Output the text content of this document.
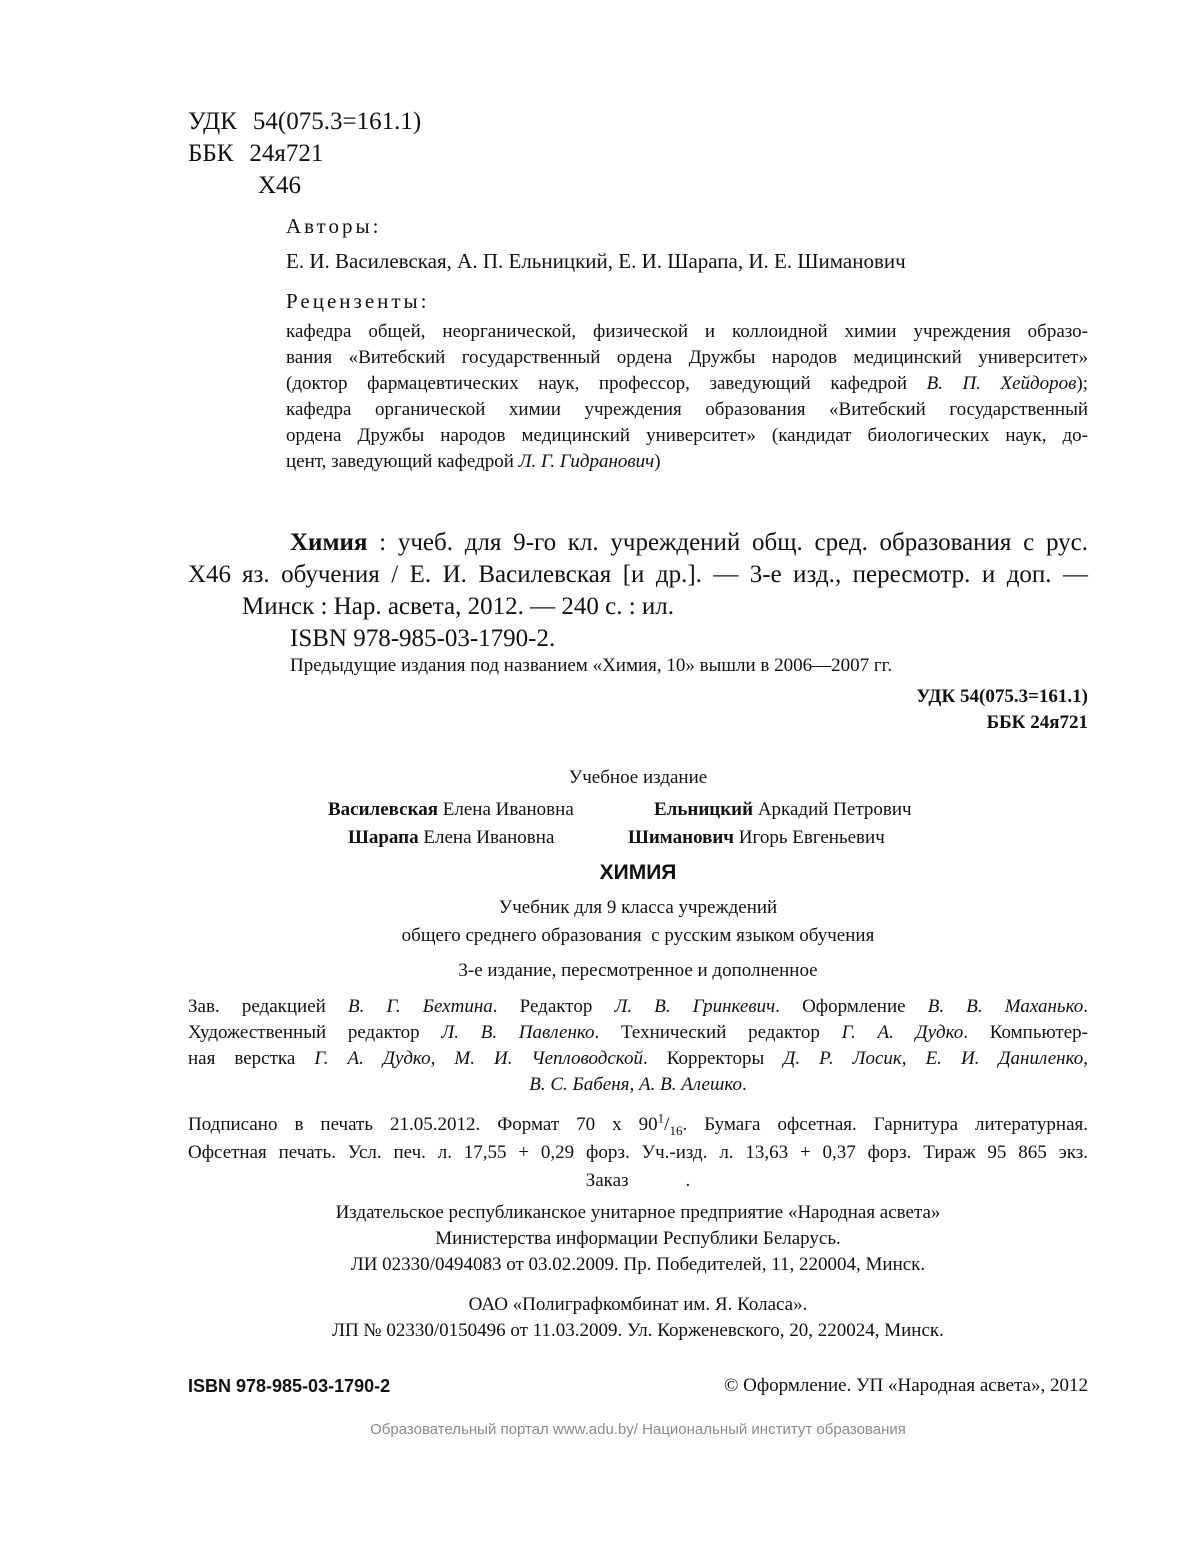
УДК 54(075.3=161.1)
ББК 24я721
Х46
Авторы:
Е. И. Василевская, А. П. Ельницкий, Е. И. Шарапа, И. Е. Шиманович
Рецензенты:
кафедра общей, неорганической, физической и коллоидной химии учреждения образо-
вания «Витебский государственный ордена Дружбы народов медицинский университет»
(доктор фармацевтических наук, профессор, заведующий кафедрой В. П. Хейдоров);
кафедра органической химии учреждения образования «Витебский государственный
ордена Дружбы народов медицинский университет» (кандидат биологических наук, до-
цент, заведующий кафедрой Л. Г. Гидранович)
Химия : учеб. для 9-го кл. учреждений общ. сред. образования с рус.
Х46 яз. обучения / Е. И. Василевская [и др.]. — 3-е изд., пересмотр. и доп. —
Минск : Нар. асвета, 2012. — 240 с. : ил.
ISBN 978-985-03-1790-2.
Предыдущие издания под названием «Химия, 10» вышли в 2006—2007 гг.
УДК 54(075.3=161.1)
ББК 24я721
Учебное издание
Василевская Елена Ивановна	Ельницкий Аркадий Петрович
Шарапа Елена Ивановна	Шиманович Игорь Евгеньевич
ХИМИЯ
Учебник для 9 класса учреждений
общего среднего образования  с русским языком обучения
3-е издание, пересмотренное и дополненное
Зав. редакцией В. Г. Бехтина. Редактор Л. В. Гринкевич. Оформление В. В. Маханько.
Художественный редактор Л. В. Павленко. Технический редактор Г. А. Дудко. Компьютер-
ная верстка Г. А. Дудко, М. И. Чепловодской. Корректоры Д. Р. Лосик, Е. И. Даниленко,
В. С. Бабеня, А. В. Алешко.
Подписано в печать 21.05.2012. Формат 70 x $90^1/_{16}$. Бумага офсетная. Гарнитура литературная.
Офсетная печать. Усл. печ. л. 17,55 + 0,29 форз. Уч.-изд. л. 13,63 + 0,37 форз. Тираж 95 865 экз.
Заказ            .
Издательское республиканское унитарное предприятие «Народная асвета»
Министерства информации Республики Беларусь.
ЛИ 02330/0494083 от 03.02.2009. Пр. Победителей, 11, 220004, Минск.
ОАО «Полиграфкомбинат им. Я. Коласа».
ЛП № 02330/0150496 от 11.03.2009. Ул. Корженевского, 20, 220024, Минск.
ISBN 978-985-03-1790-2	© Оформление. УП «Народная асвета», 2012
Образовательный портал www.adu.by/ Национальный институт образования
